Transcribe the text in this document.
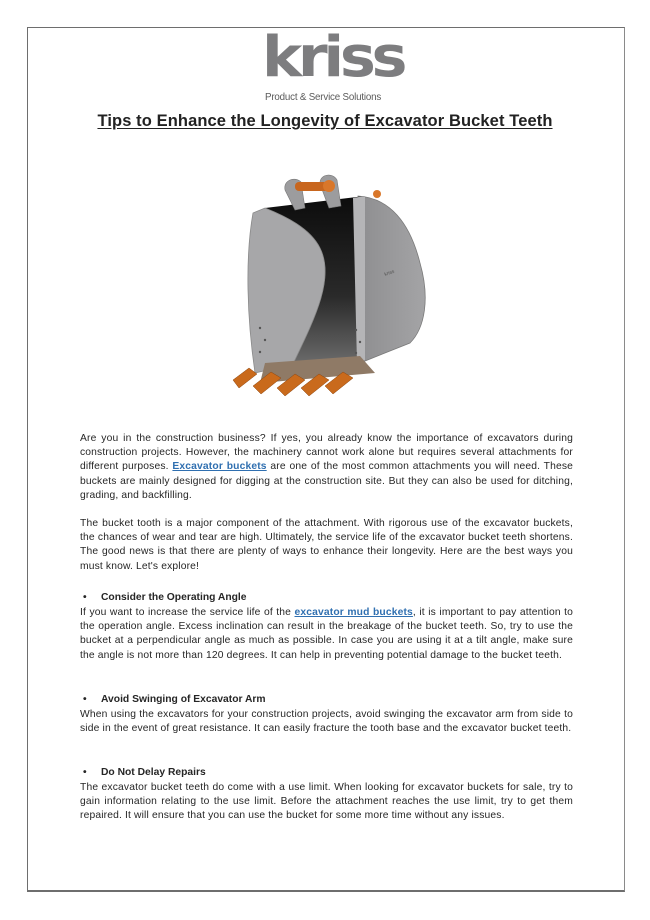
kriss
Product & Service Solutions
Tips to Enhance the Longevity of Excavator Bucket Teeth
kriss
Are you in the construction business? If yes, you already know the importance of excavators during construction projects. However, the machinery cannot work alone but requires several attachments for different purposes. Excavator buckets are one of the most common attachments you will need. These buckets are mainly designed for digging at the construction site. But they can also be used for ditching, grading, and backfilling.
The bucket tooth is a major component of the attachment. With rigorous use of the excavator buckets, the chances of wear and tear are high. Ultimately, the service life of the excavator bucket teeth shortens. The good news is that there are plenty of ways to enhance their longevity. Here are the best ways you must know. Let's explore!
• Consider the Operating Angle
If you want to increase the service life of the excavator mud buckets, it is important to pay attention to the operation angle. Excess inclination can result in the breakage of the bucket teeth. So, try to use the bucket at a perpendicular angle as much as possible. In case you are using it at a tilt angle, make sure the angle is not more than 120 degrees. It can help in preventing potential damage to the bucket teeth.
• Avoid Swinging of Excavator Arm
When using the excavators for your construction projects, avoid swinging the excavator arm from side to side in the event of great resistance. It can easily fracture the tooth base and the excavator bucket teeth.
• Do Not Delay Repairs
The excavator bucket teeth do come with a use limit. When looking for excavator buckets for sale, try to gain information relating to the use limit. Before the attachment reaches the use limit, try to get them repaired. It will ensure that you can use the bucket for some more time without any issues.
